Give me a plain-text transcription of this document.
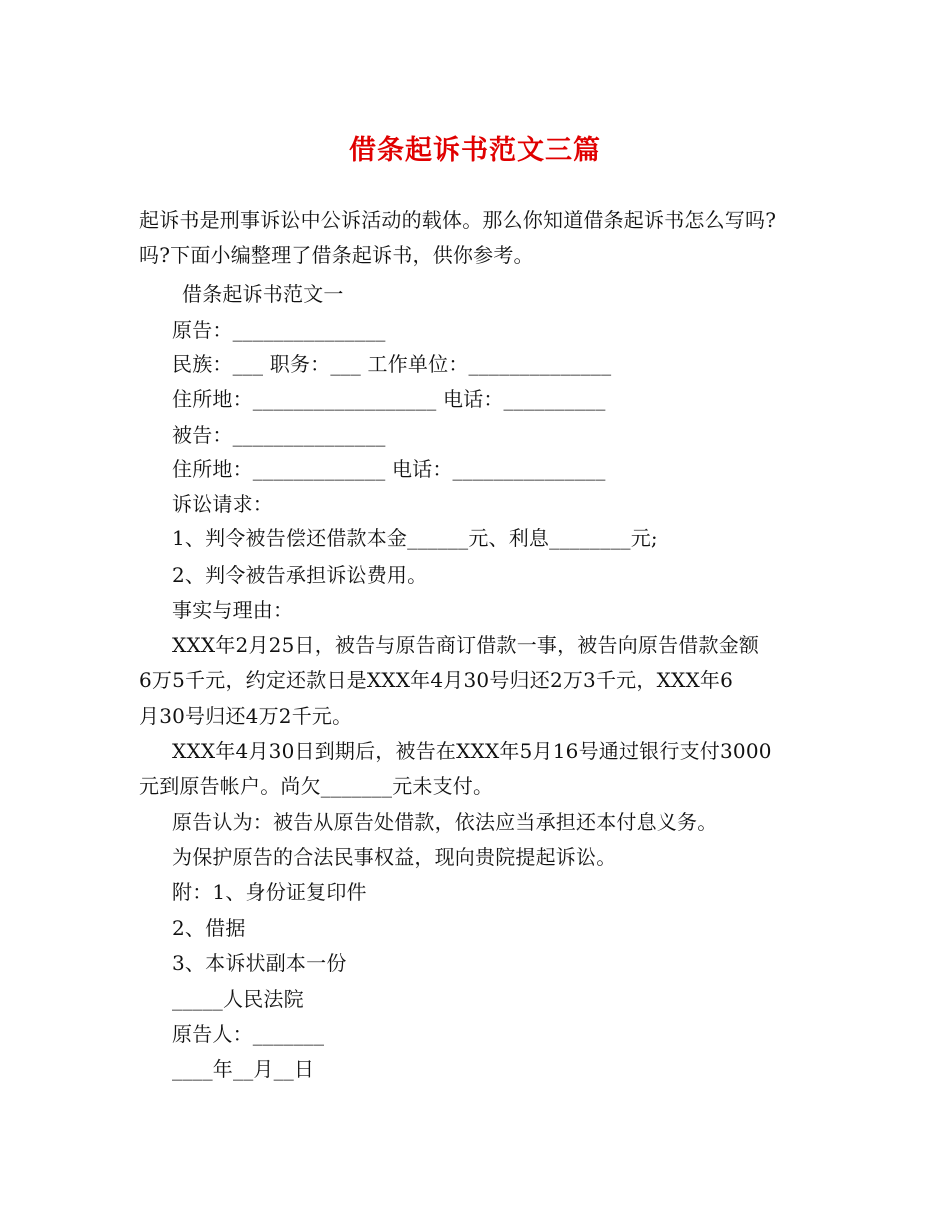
借条起诉书范文三篇
起诉书是刑事诉讼中公诉活动的载体。那么你知道借条起诉书怎么写吗?
吗?下面小编整理了借条起诉书，供你参考。
借条起诉书范文一
原告：_______________
民族：___ 职务：___ 工作单位：______________
住所地：__________________ 电话：__________
被告：_______________
住所地：_____________ 电话：_______________
诉讼请求：
1、判令被告偿还借款本金______元、利息________元;
2、判令被告承担诉讼费用。
事实与理由：
XXX年2月25日，被告与原告商订借款一事，被告向原告借款金额
6万5千元，约定还款日是XXX年4月30号归还2万3千元，XXX年6
月30号归还4万2千元。
XXX年4月30日到期后，被告在XXX年5月16号通过银行支付3000
元到原告帐户。尚欠_______元未支付。
原告认为：被告从原告处借款，依法应当承担还本付息义务。
为保护原告的合法民事权益，现向贵院提起诉讼。
附：1、身份证复印件
2、借据
3、本诉状副本一份
_____人民法院
原告人：_______
____年__月__日
